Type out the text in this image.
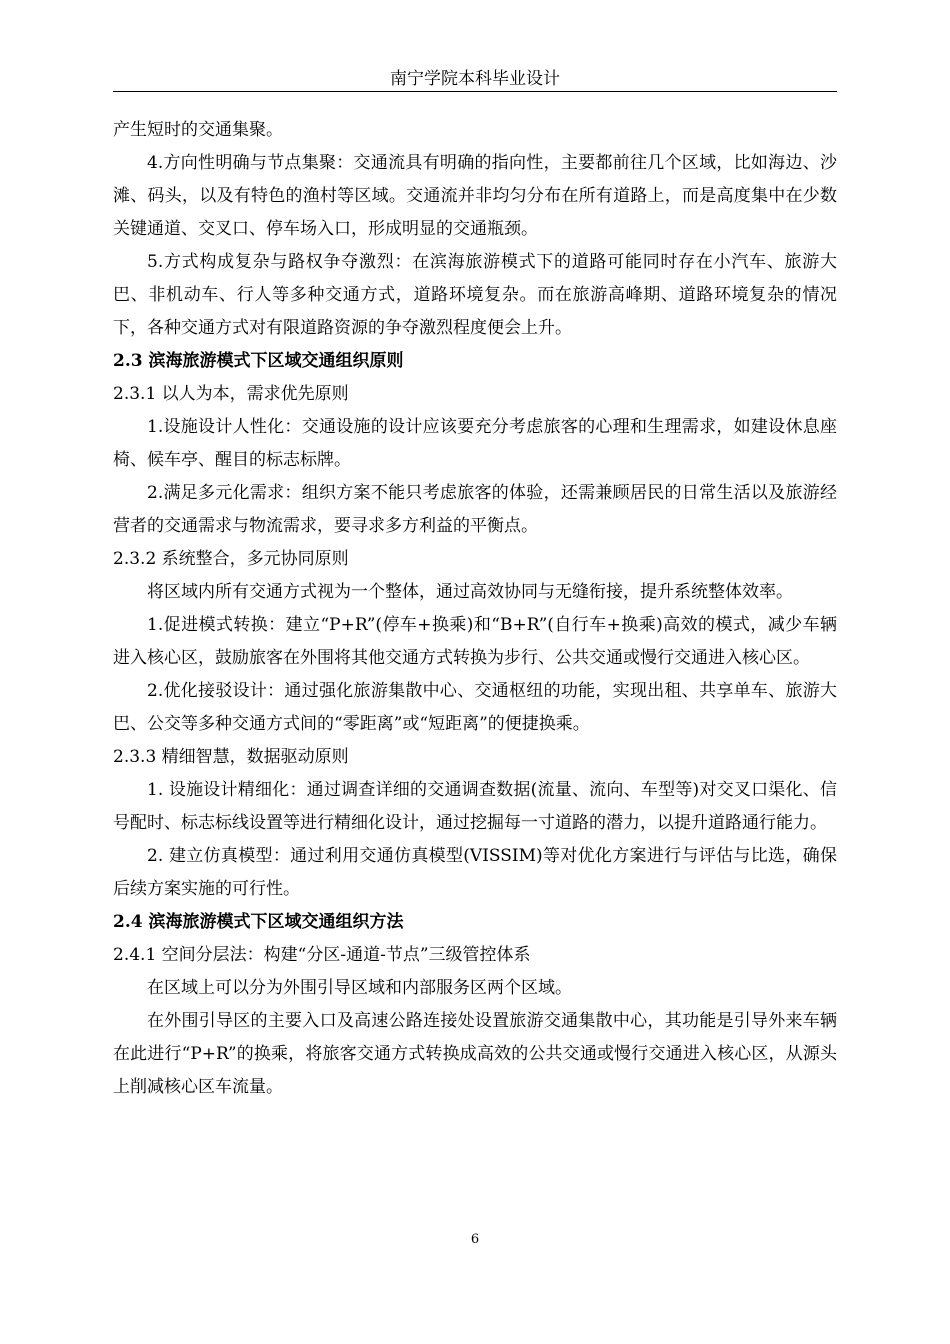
南宁学院本科毕业设计

产生短时的交通集聚。

4.方向性明确与节点集聚：交通流具有明确的指向性，主要都前往几个区域，比如海边、沙滩、码头，以及有特色的渔村等区域。交通流并非均匀分布在所有道路上，而是高度集中在少数关键通道、交叉口、停车场入口，形成明显的交通瓶颈。

5.方式构成复杂与路权争夺激烈：在滨海旅游模式下的道路可能同时存在小汽车、旅游大巴、非机动车、行人等多种交通方式，道路环境复杂。而在旅游高峰期、道路环境复杂的情况下，各种交通方式对有限道路资源的争夺激烈程度便会上升。

2.3 滨海旅游模式下区域交通组织原则

2.3.1 以人为本，需求优先原则

1.设施设计人性化：交通设施的设计应该要充分考虑旅客的心理和生理需求，如建设休息座椅、候车亭、醒目的标志标牌。

2.满足多元化需求：组织方案不能只考虑旅客的体验，还需兼顾居民的日常生活以及旅游经营者的交通需求与物流需求，要寻求多方利益的平衡点。

2.3.2 系统整合，多元协同原则

将区域内所有交通方式视为一个整体，通过高效协同与无缝衔接，提升系统整体效率。

1.促进模式转换：建立“P+R”(停车+换乘)和“B+R”(自行车+换乘)高效的模式，减少车辆进入核心区，鼓励旅客在外围将其他交通方式转换为步行、公共交通或慢行交通进入核心区。

2.优化接驳设计：通过强化旅游集散中心、交通枢纽的功能，实现出租、共享单车、旅游大巴、公交等多种交通方式间的“零距离”或“短距离”的便捷换乘。

2.3.3 精细智慧，数据驱动原则

1. 设施设计精细化：通过调查详细的交通调查数据(流量、流向、车型等)对交叉口渠化、信号配时、标志标线设置等进行精细化设计，通过挖掘每一寸道路的潜力，以提升道路通行能力。

2. 建立仿真模型：通过利用交通仿真模型(VISSIM)等对优化方案进行与评估与比选，确保后续方案实施的可行性。

2.4 滨海旅游模式下区域交通组织方法

2.4.1 空间分层法：构建“分区-通道-节点”三级管控体系

在区域上可以分为外围引导区域和内部服务区两个区域。

在外围引导区的主要入口及高速公路连接处设置旅游交通集散中心，其功能是引导外来车辆在此进行“P+R”的换乘，将旅客交通方式转换成高效的公共交通或慢行交通进入核心区，从源头上削减核心区车流量。

6
